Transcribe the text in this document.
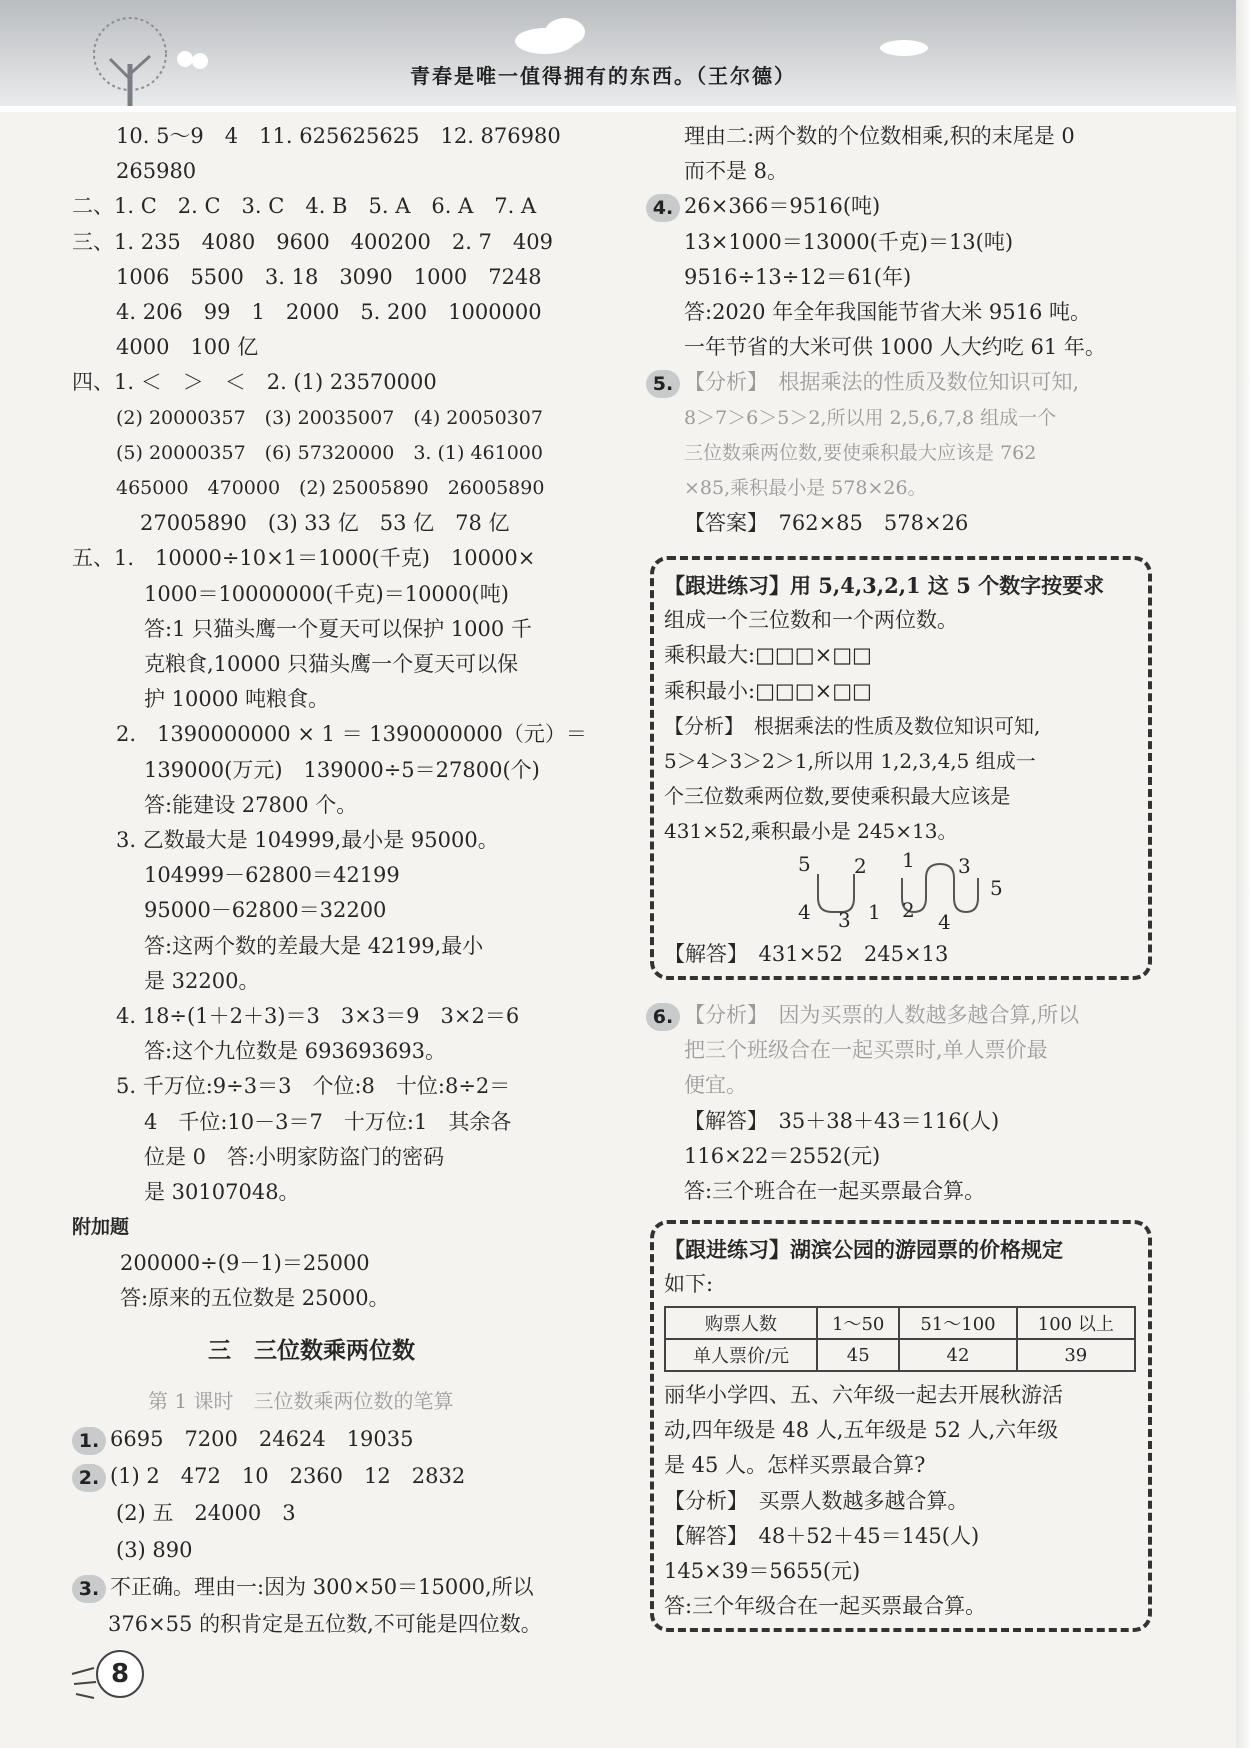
青春是唯一值得拥有的东西。（王尔德）
10. 5～9　4　11. 625625625　12. 876980
265980
二、1. C　2. C　3. C　4. B　5. A　6. A　7. A
三、1. 235　4080　9600　400200　2. 7　409
1006　5500　3. 18　3090　1000　7248
4. 206　99　1　2000　5. 200　1000000
4000　100 亿
四、1. ＜　＞　＜　2. (1) 23570000
(2) 20000357　(3) 20035007　(4) 20050307
(5) 20000357　(6) 57320000　3. (1) 461000
465000　470000　(2) 25005890　26005890
27005890　(3) 33 亿　53 亿　78 亿
五、1.　10000÷10×1＝1000(千克)　10000×
1000＝10000000(千克)＝10000(吨)
答:1 只猫头鹰一个夏天可以保护 1000 千
克粮食,10000 只猫头鹰一个夏天可以保
护 10000 吨粮食。
2.　1390000000 × 1 ＝ 1390000000（元）＝
139000(万元)　139000÷5＝27800(个)
答:能建设 27800 个。
3. 乙数最大是 104999,最小是 95000。
104999－62800＝42199
95000－62800＝32200
答:这两个数的差最大是 42199,最小
是 32200。
4. 18÷(1＋2＋3)＝3　3×3＝9　3×2＝6
答:这个九位数是 693693693。
5. 千万位:9÷3＝3　个位:8　十位:8÷2＝
4　千位:10－3＝7　十万位:1　其余各
位是 0　答:小明家防盗门的密码
是 30107048。
附加题
200000÷(9－1)＝25000
答:原来的五位数是 25000。
三　三位数乘两位数
第 1 课时　三位数乘两位数的笔算
1. 6695　7200　24624　19035
2. (1) 2　472　10　2360　12　2832
(2) 五　24000　3
(3) 890
3. 不正确。理由一:因为 300×50＝15000,所以
376×55 的积肯定是五位数,不可能是四位数。
8
理由二:两个数的个位数相乘,积的末尾是 0
而不是 8。
4. 26×366＝9516(吨)
13×1000＝13000(千克)＝13(吨)
9516÷13÷12＝61(年)
答:2020 年全年我国能节省大米 9516 吨。
一年节省的大米可供 1000 人大约吃 61 年。
5. 【分析】　根据乘法的性质及数位知识可知,
8＞7＞6＞5＞2,所以用 2,5,6,7,8 组成一个
三位数乘两位数,要使乘积最大应该是 762
×85,乘积最小是 578×26。
【答案】　762×85　578×26
【跟进练习】用 5,4,3,2,1 这 5 个数字按要求
组成一个三位数和一个两位数。
乘积最大:□□□×□□
乘积最小:□□□×□□
【分析】　根据乘法的性质及数位知识可知,
5＞4＞3＞2＞1,所以用 1,2,3,4,5 组成一
个三位数乘两位数,要使乘积最大应该是
431×52,乘积最小是 245×13。
5 2
4 3 1
1 3
2 4
5
【解答】　431×52　245×13
6. 【分析】　因为买票的人数越多越合算,所以
把三个班级合在一起买票时,单人票价最
便宜。
【解答】　35＋38＋43＝116(人)
116×22＝2552(元)
答:三个班合在一起买票最合算。
【跟进练习】湖滨公园的游园票的价格规定
如下:
购票人数	1～50	51～100	100 以上
单人票价/元	45	42	39
丽华小学四、五、六年级一起去开展秋游活
动,四年级是 48 人,五年级是 52 人,六年级
是 45 人。怎样买票最合算?
【分析】　买票人数越多越合算。
【解答】　48＋52＋45＝145(人)
145×39＝5655(元)
答:三个年级合在一起买票最合算。
